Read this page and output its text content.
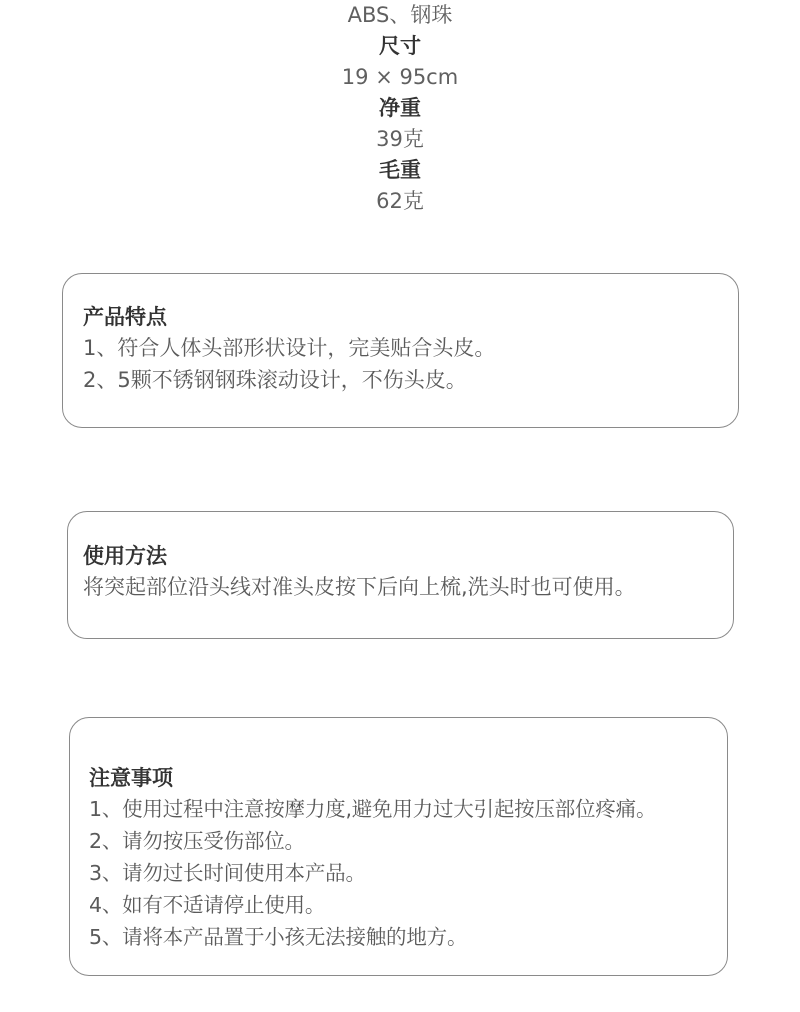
ABS、钢珠
尺寸
19 × 95cm
净重
39克
毛重
62克
产品特点
1、符合人体头部形状设计，完美贴合头皮。
2、5颗不锈钢钢珠滚动设计，不伤头皮。
使用方法
将突起部位沿头线对准头皮按下后向上梳,洗头时也可使用。
注意事项
1、使用过程中注意按摩力度,避免用力过大引起按压部位疼痛。
2、请勿按压受伤部位。
3、请勿过长时间使用本产品。
4、如有不适请停止使用。
5、请将本产品置于小孩无法接触的地方。
